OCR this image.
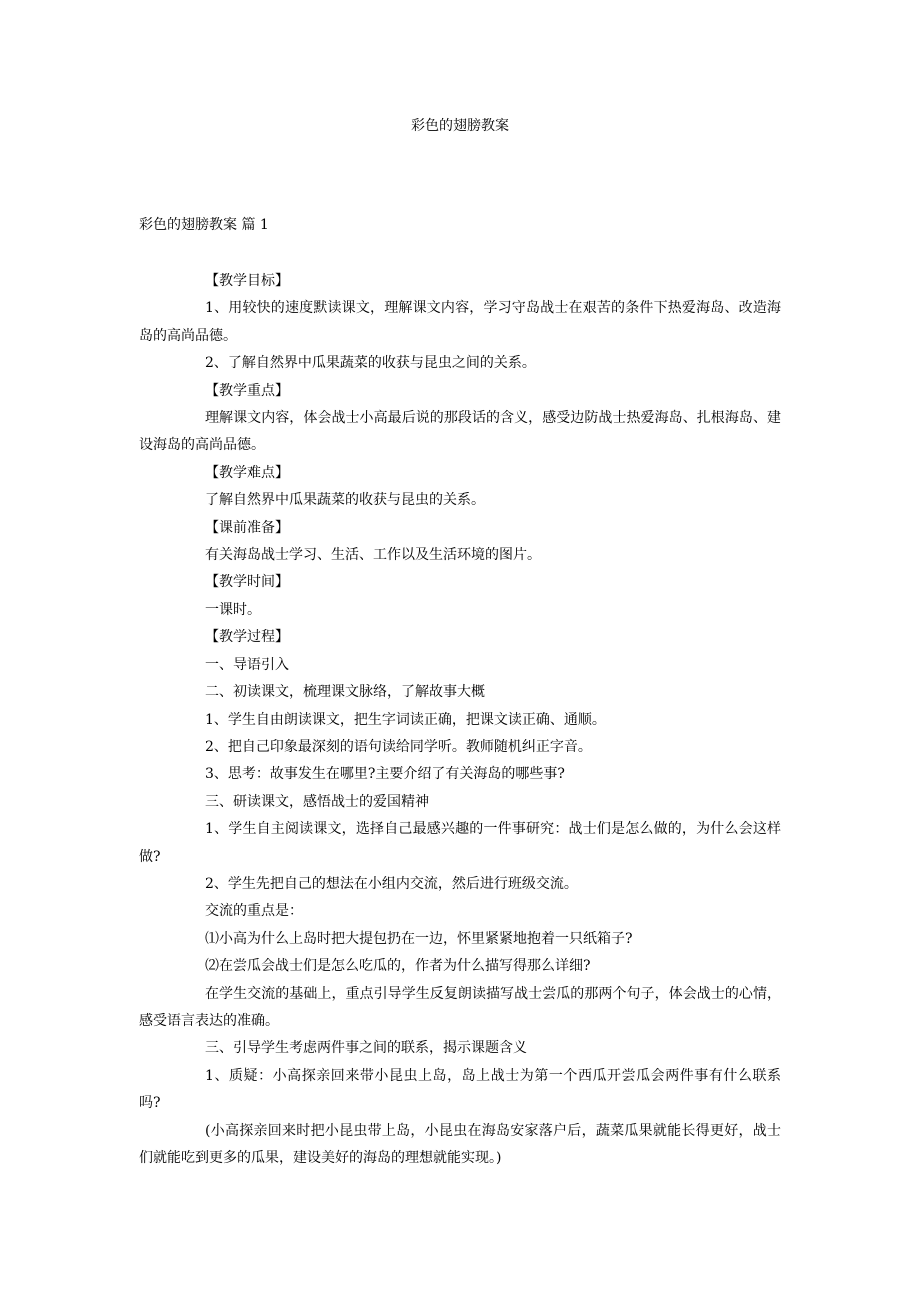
彩色的翅膀教案
彩色的翅膀教案 篇 1

【教学目标】

1、用较快的速度默读课文，理解课文内容，学习守岛战士在艰苦的条件下热爱海岛、改造海岛的高尚品德。

2、了解自然界中瓜果蔬菜的收获与昆虫之间的关系。

【教学重点】

理解课文内容，体会战士小高最后说的那段话的含义，感受边防战士热爱海岛、扎根海岛、建设海岛的高尚品德。

【教学难点】

了解自然界中瓜果蔬菜的收获与昆虫的关系。

【课前准备】

有关海岛战士学习、生活、工作以及生活环境的图片。

【教学时间】

一课时。

【教学过程】

一、导语引入

二、初读课文，梳理课文脉络，了解故事大概

1、学生自由朗读课文，把生字词读正确，把课文读正确、通顺。

2、把自己印象最深刻的语句读给同学听。教师随机纠正字音。

3、思考：故事发生在哪里?主要介绍了有关海岛的哪些事?

三、研读课文，感悟战士的爱国精神

1、学生自主阅读课文，选择自己最感兴趣的一件事研究：战士们是怎么做的，为什么会这样做?

2、学生先把自己的想法在小组内交流，然后进行班级交流。

交流的重点是：

⑴小高为什么上岛时把大提包扔在一边，怀里紧紧地抱着一只纸箱子?

⑵在尝瓜会战士们是怎么吃瓜的，作者为什么描写得那么详细?

在学生交流的基础上，重点引导学生反复朗读描写战士尝瓜的那两个句子，体会战士的心情，感受语言表达的准确。

三、引导学生考虑两件事之间的联系，揭示课题含义

1、质疑：小高探亲回来带小昆虫上岛，岛上战士为第一个西瓜开尝瓜会两件事有什么联系吗?

(小高探亲回来时把小昆虫带上岛，小昆虫在海岛安家落户后，蔬菜瓜果就能长得更好，战士们就能吃到更多的瓜果，建设美好的海岛的理想就能实现。)
